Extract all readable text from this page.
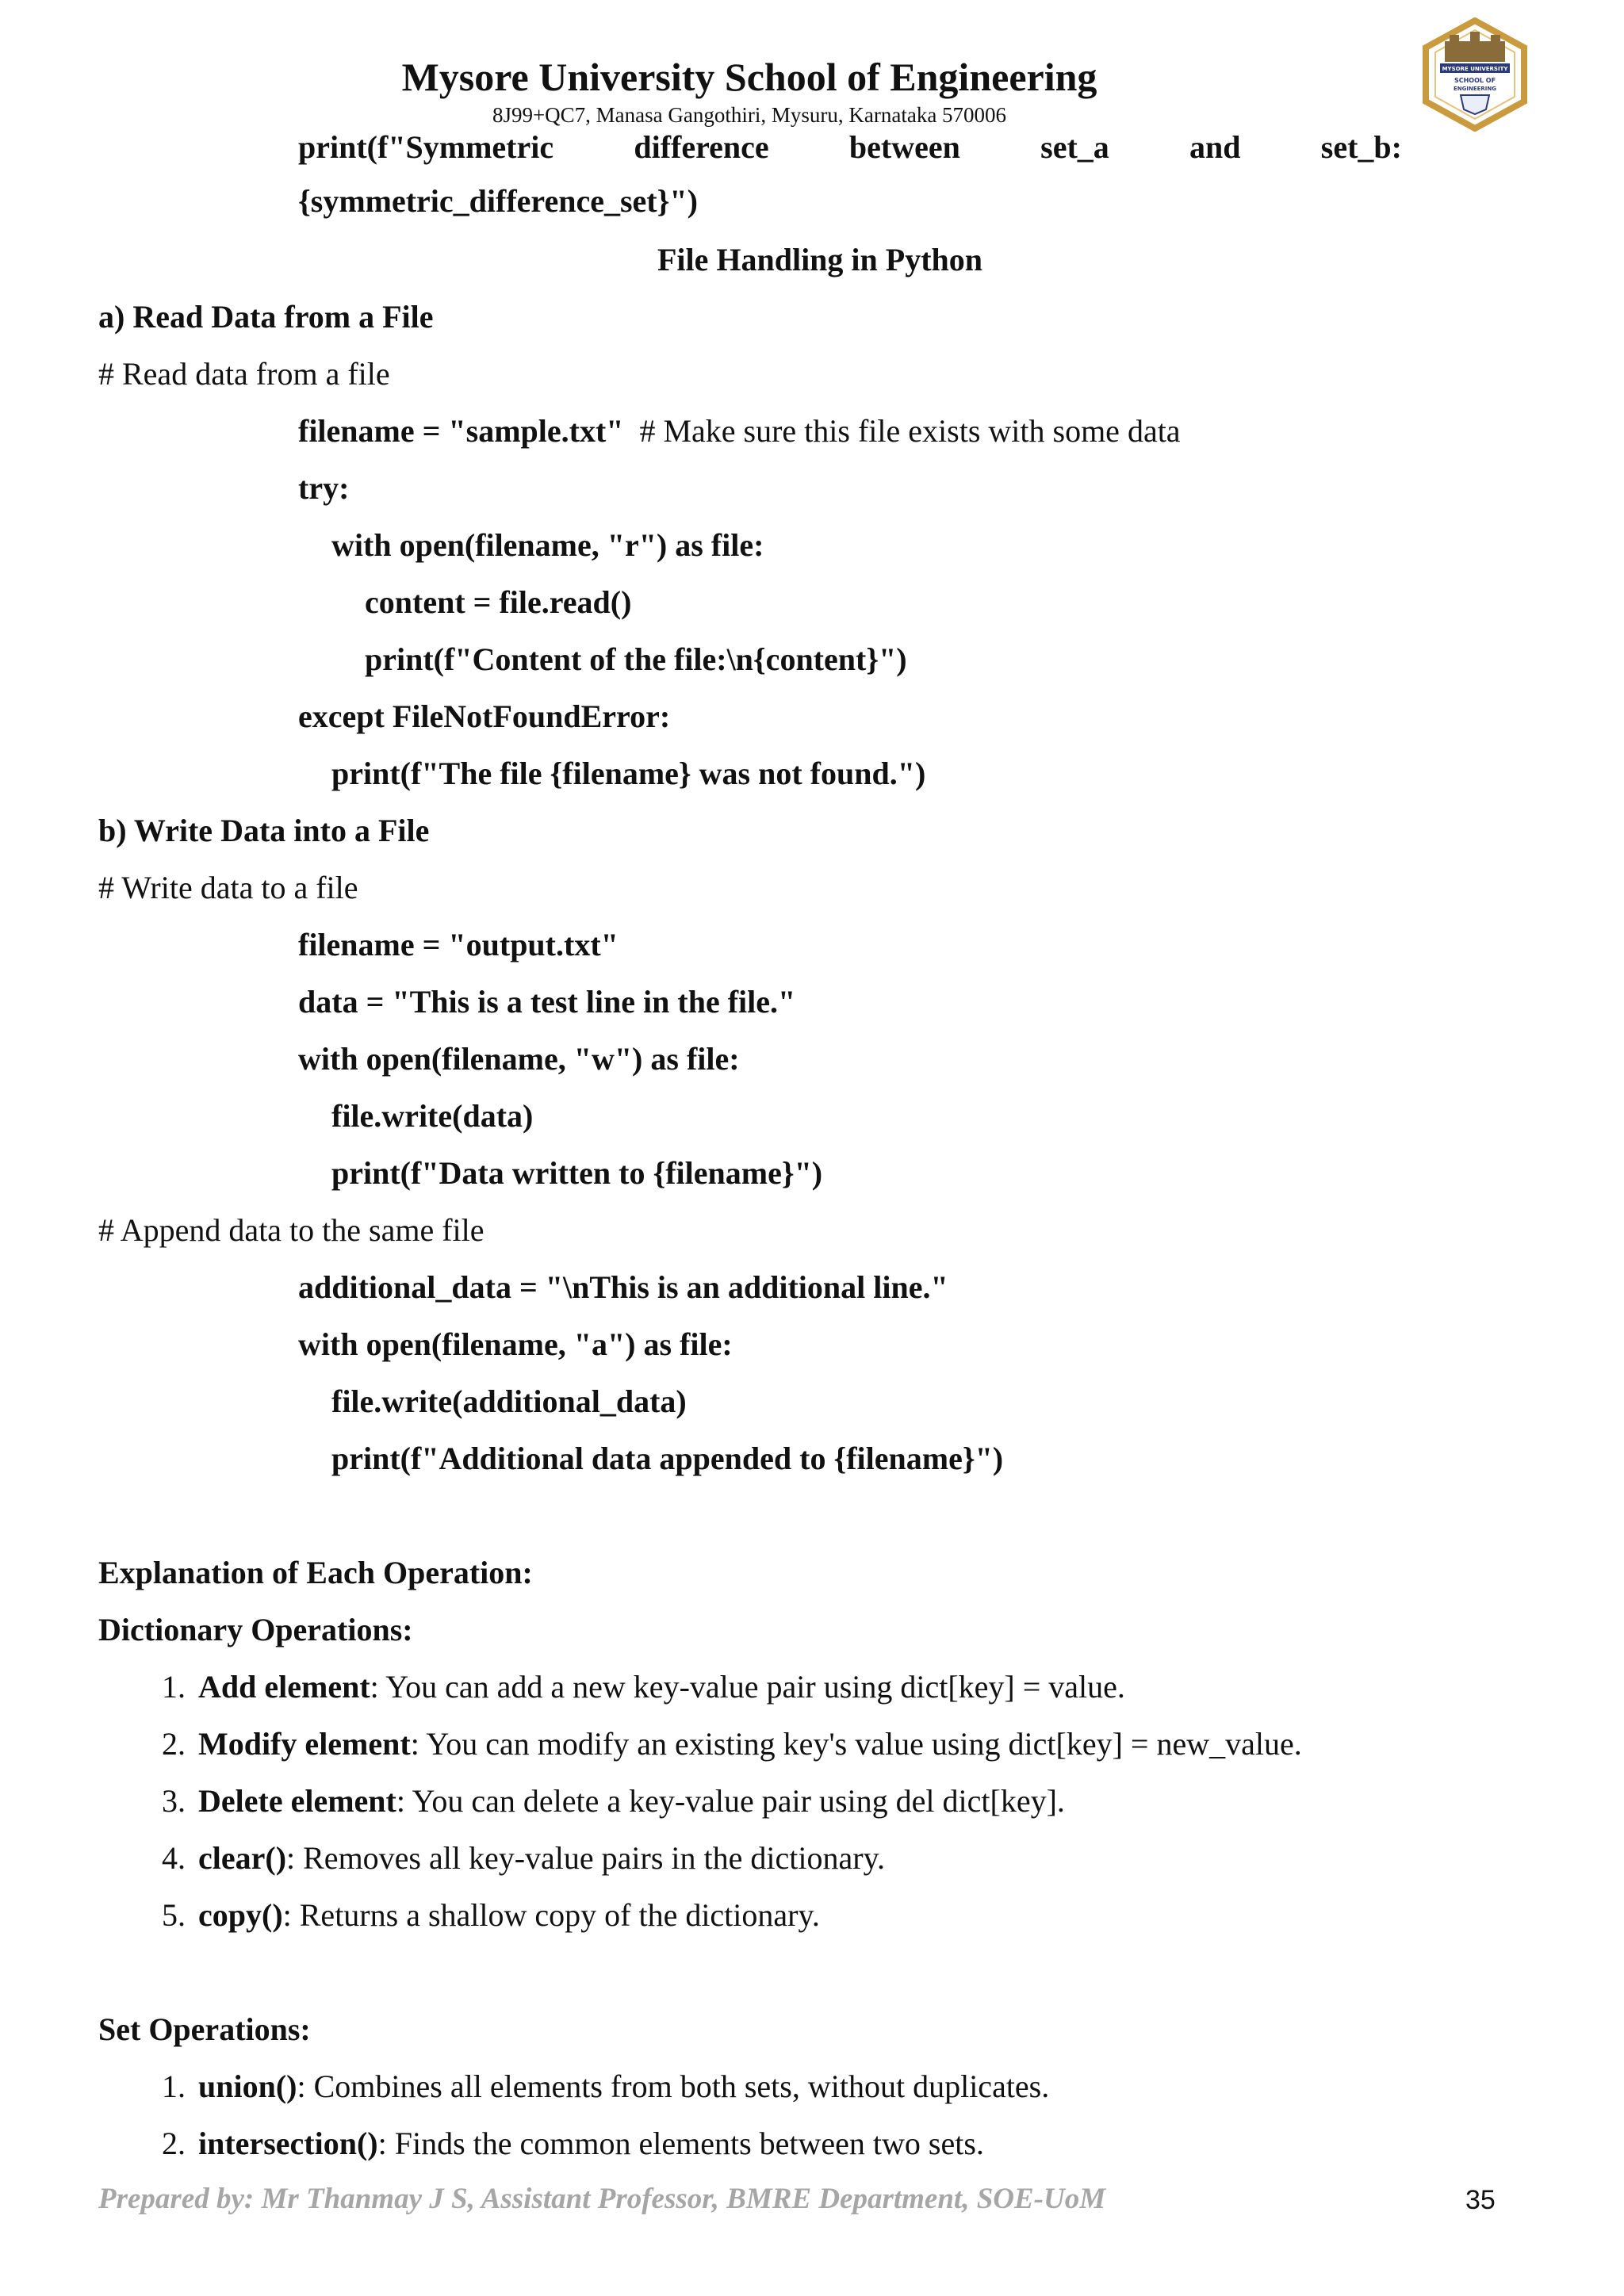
Mysore University School of Engineering
8J99+QC7, Manasa Gangothiri, Mysuru, Karnataka 570006
MYSORE UNIVERSITY
SCHOOL OF
ENGINEERING
print(f"Symmetric	difference	between	set_a	and	set_b:
{symmetric_difference_set}")
File Handling in Python
a) Read Data from a File
# Read data from a file
filename = "sample.txt" # Make sure this file exists with some data
try:
with open(filename, "r") as file:
content = file.read()
print(f"Content of the file:\n{content}")
except FileNotFoundError:
print(f"The file {filename} was not found.")
b) Write Data into a File
# Write data to a file
filename = "output.txt"
data = "This is a test line in the file."
with open(filename, "w") as file:
file.write(data)
print(f"Data written to {filename}")
# Append data to the same file
additional_data = "\nThis is an additional line."
with open(filename, "a") as file:
file.write(additional_data)
print(f"Additional data appended to {filename}")
Explanation of Each Operation:
Dictionary Operations:
1. Add element: You can add a new key-value pair using dict[key] = value.
2. Modify element: You can modify an existing key's value using dict[key] = new_value.
3. Delete element: You can delete a key-value pair using del dict[key].
4. clear(): Removes all key-value pairs in the dictionary.
5. copy(): Returns a shallow copy of the dictionary.
Set Operations:
1. union(): Combines all elements from both sets, without duplicates.
2. intersection(): Finds the common elements between two sets.
Prepared by: Mr Thanmay J S, Assistant Professor, BMRE Department, SOE-UoM	35
